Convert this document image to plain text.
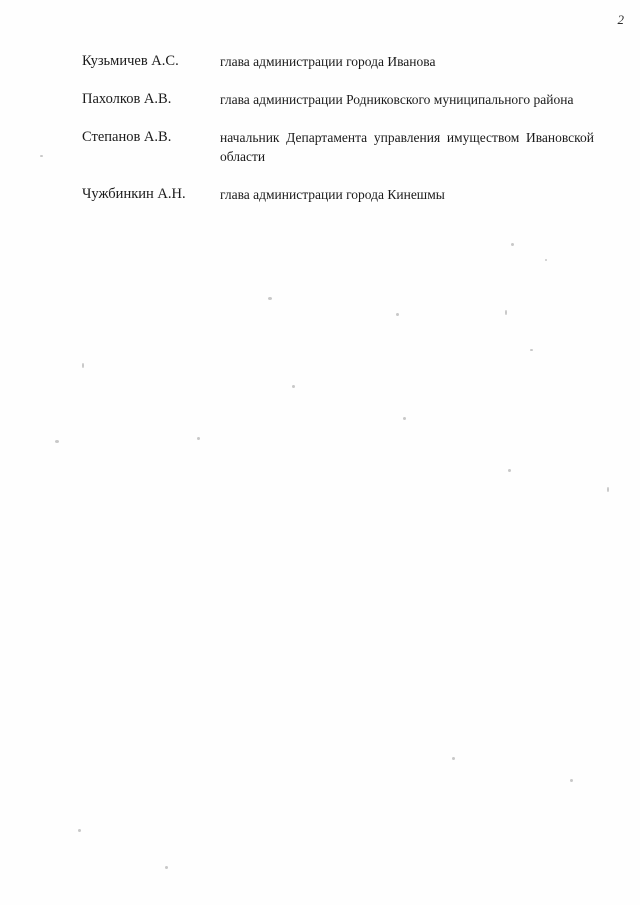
2
Кузьмичев А.С.	глава администрации города Иванова
Пахолков А.В.	глава администрации Родниковского муниципального района
Степанов А.В.	начальник Департамента управления имуществом Ивановской области
Чужбинкин А.Н.	глава администрации города Кинешмы
